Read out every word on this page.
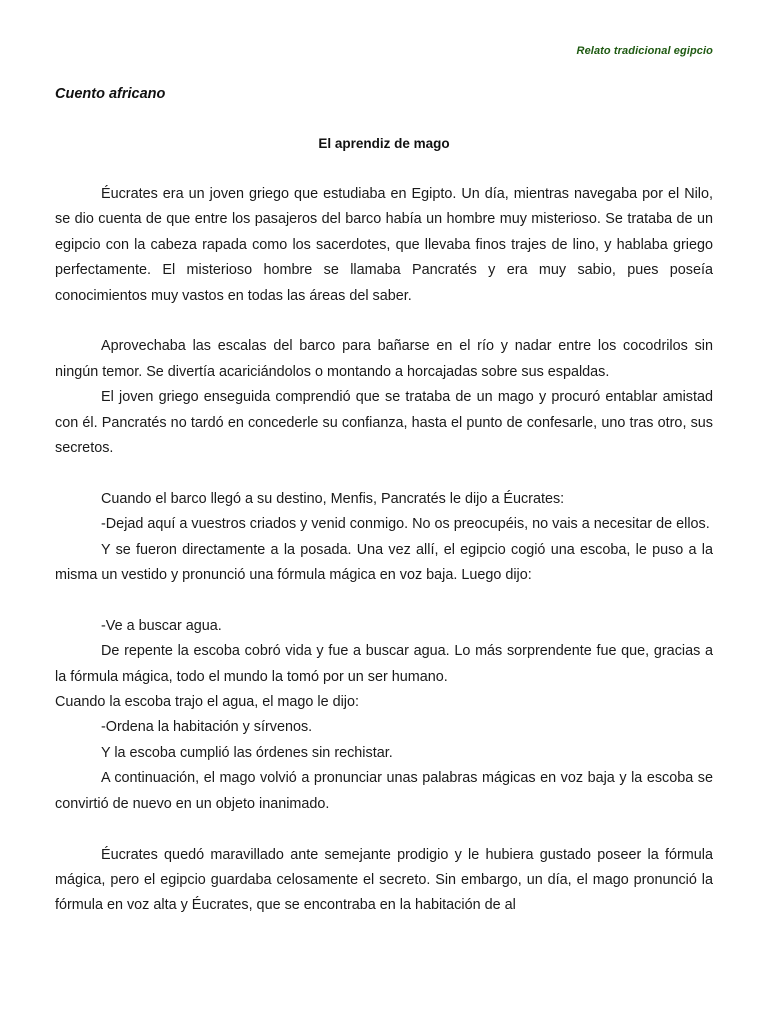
Relato tradicional egipcio
Cuento africano
El aprendiz de mago

Éucrates era un joven griego que estudiaba en Egipto. Un día, mientras navegaba por el Nilo, se dio cuenta de que entre los pasajeros del barco había un hombre muy misterioso. Se trataba de un egipcio con la cabeza rapada como los sacerdotes, que llevaba finos trajes de lino, y hablaba griego perfectamente. El misterioso hombre se llamaba Pancratés y era muy sabio, pues poseía conocimientos muy vastos en todas las áreas del saber.

Aprovechaba las escalas del barco para bañarse en el río y nadar entre los cocodrilos sin ningún temor. Se divertía acariciándolos o montando a horcajadas sobre sus espaldas.

El joven griego enseguida comprendió que se trataba de un mago y procuró entablar amistad con él. Pancratés no tardó en concederle su confianza, hasta el punto de confesarle, uno tras otro, sus secretos.

Cuando el barco llegó a su destino, Menfis, Pancratés le dijo a Éucrates:

-Dejad aquí a vuestros criados y venid conmigo. No os preocupéis, no vais a necesitar de ellos.

Y se fueron directamente a la posada. Una vez allí, el egipcio cogió una escoba, le puso a la misma un vestido y pronunció una fórmula mágica en voz baja. Luego dijo:

-Ve a buscar agua.

De repente la escoba cobró vida y fue a buscar agua. Lo más sorprendente fue que, gracias a la fórmula mágica, todo el mundo la tomó por un ser humano.

Cuando la escoba trajo el agua, el mago le dijo:

-Ordena la habitación y sírvenos.

Y la escoba cumplió las órdenes sin rechistar.

A continuación, el mago volvió a pronunciar unas palabras mágicas en voz baja y la escoba se convirtió de nuevo en un objeto inanimado.

Éucrates quedó maravillado ante semejante prodigio y le hubiera gustado poseer la fórmula mágica, pero el egipcio guardaba celosamente el secreto. Sin embargo, un día, el mago pronunció la fórmula en voz alta y Éucrates, que se encontraba en la habitación de al
